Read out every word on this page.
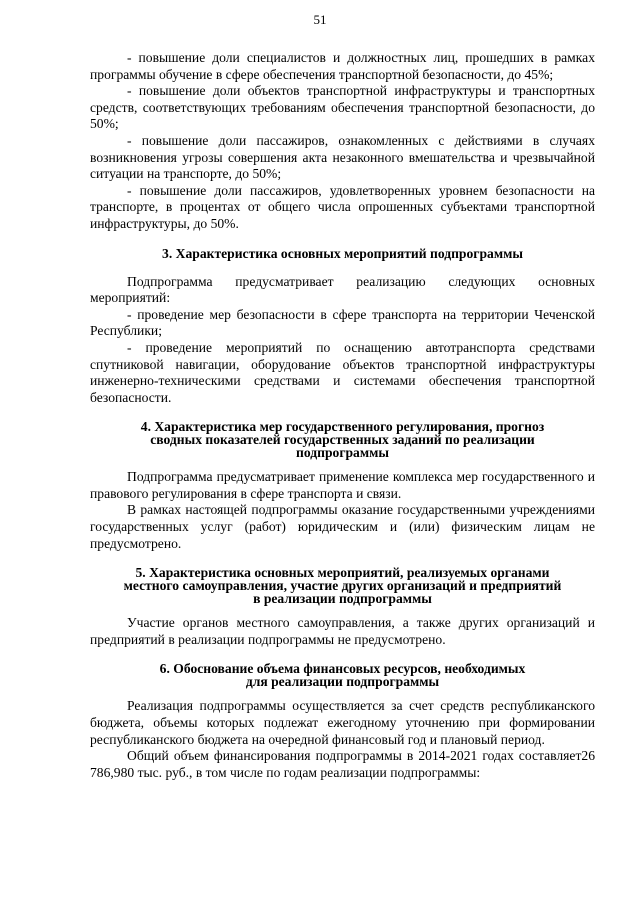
51

- повышение доли специалистов и должностных лиц, прошедших в рамках программы обучение в сфере обеспечения транспортной безопасности, до 45%;

- повышение доли объектов транспортной инфраструктуры и транспортных средств, соответствующих требованиям обеспечения транспортной безопасности, до 50%;

- повышение доли пассажиров, ознакомленных с действиями в случаях возникновения угрозы совершения акта незаконного вмешательства и чрезвычайной ситуации на транспорте, до 50%;

- повышение доли пассажиров, удовлетворенных уровнем безопасности на транспорте, в процентах от общего числа опрошенных субъектами транспортной инфраструктуры, до 50%.

3. Характеристика основных мероприятий подпрограммы

Подпрограмма предусматривает реализацию следующих основных мероприятий:

- проведение мер безопасности в сфере транспорта на территории Чеченской Республики;

- проведение мероприятий по оснащению автотранспорта средствами спутниковой навигации, оборудование объектов транспортной инфраструктуры инженерно-техническими средствами и системами обеспечения транспортной безопасности.

4. Характеристика мер государственного регулирования, прогноз
сводных показателей государственных заданий по реализации
подпрограммы

Подпрограмма предусматривает применение комплекса мер государственного и правового регулирования в сфере транспорта и связи.

В рамках настоящей подпрограммы оказание государственными учреждениями государственных услуг (работ) юридическим и (или) физическим лицам не предусмотрено.

5. Характеристика основных мероприятий, реализуемых органами
местного самоуправления, участие других организаций и предприятий
в реализации подпрограммы

Участие органов местного самоуправления, а также других организаций и предприятий в реализации подпрограммы не предусмотрено.

6. Обоснование объема финансовых ресурсов, необходимых
для реализации подпрограммы

Реализация подпрограммы осуществляется за счет средств республиканского бюджета, объемы которых подлежат ежегодному уточнению при формировании республиканского бюджета на очередной финансовый год и плановый период.

Общий объем финансирования подпрограммы в 2014-2021 годах составляет26 786,980 тыс. руб., в том числе по годам реализации подпрограммы:
